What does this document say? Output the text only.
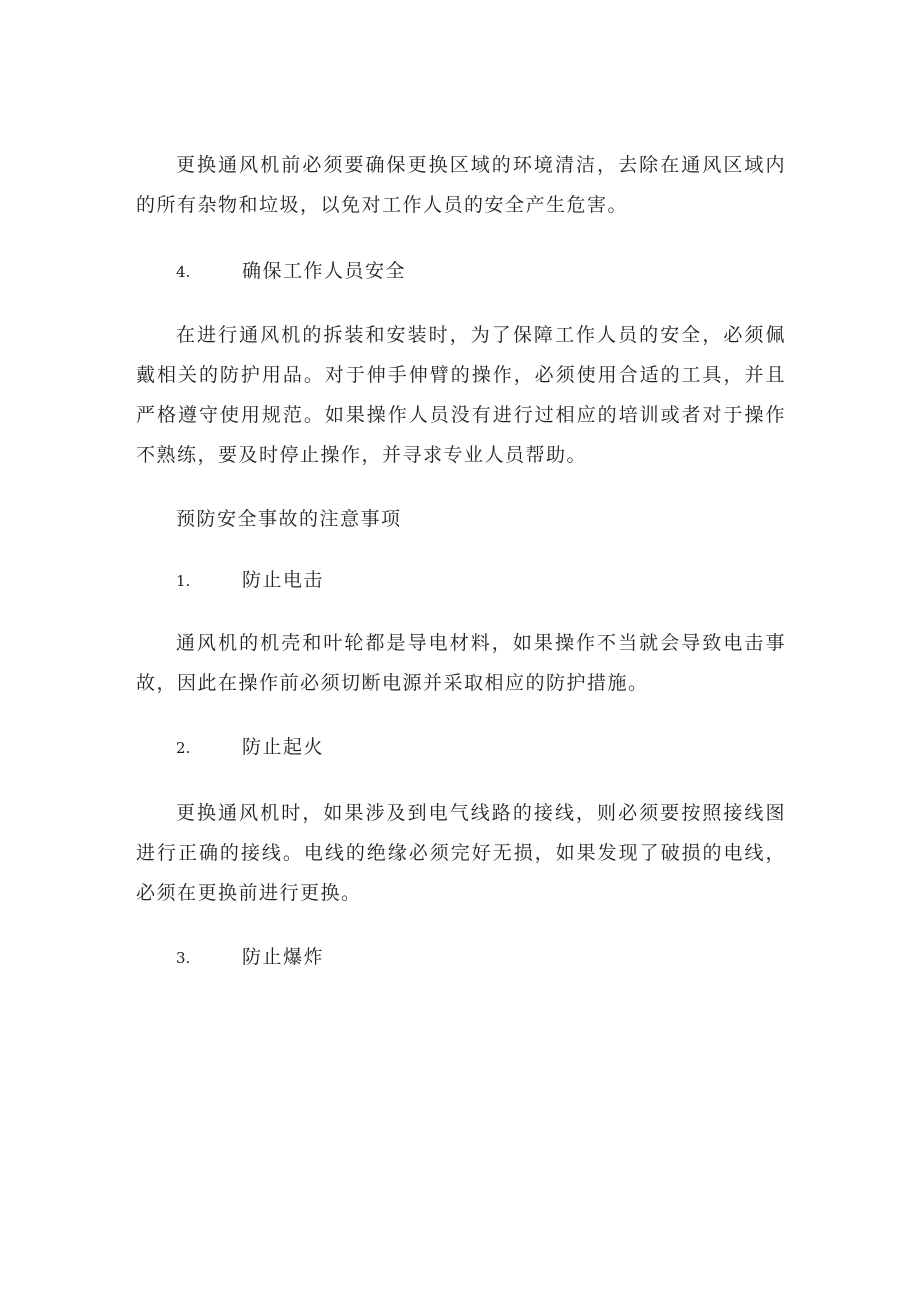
更换通风机前必须要确保更换区域的环境清洁，去除在通风区域内的所有杂物和垃圾，以免对工作人员的安全产生危害。

4.	确保工作人员安全

在进行通风机的拆装和安装时，为了保障工作人员的安全，必须佩戴相关的防护用品。对于伸手伸臂的操作，必须使用合适的工具，并且严格遵守使用规范。如果操作人员没有进行过相应的培训或者对于操作不熟练，要及时停止操作，并寻求专业人员帮助。

预防安全事故的注意事项

1.	防止电击

通风机的机壳和叶轮都是导电材料，如果操作不当就会导致电击事故，因此在操作前必须切断电源并采取相应的防护措施。

2.	防止起火

更换通风机时，如果涉及到电气线路的接线，则必须要按照接线图进行正确的接线。电线的绝缘必须完好无损，如果发现了破损的电线，必须在更换前进行更换。

3.	防止爆炸
